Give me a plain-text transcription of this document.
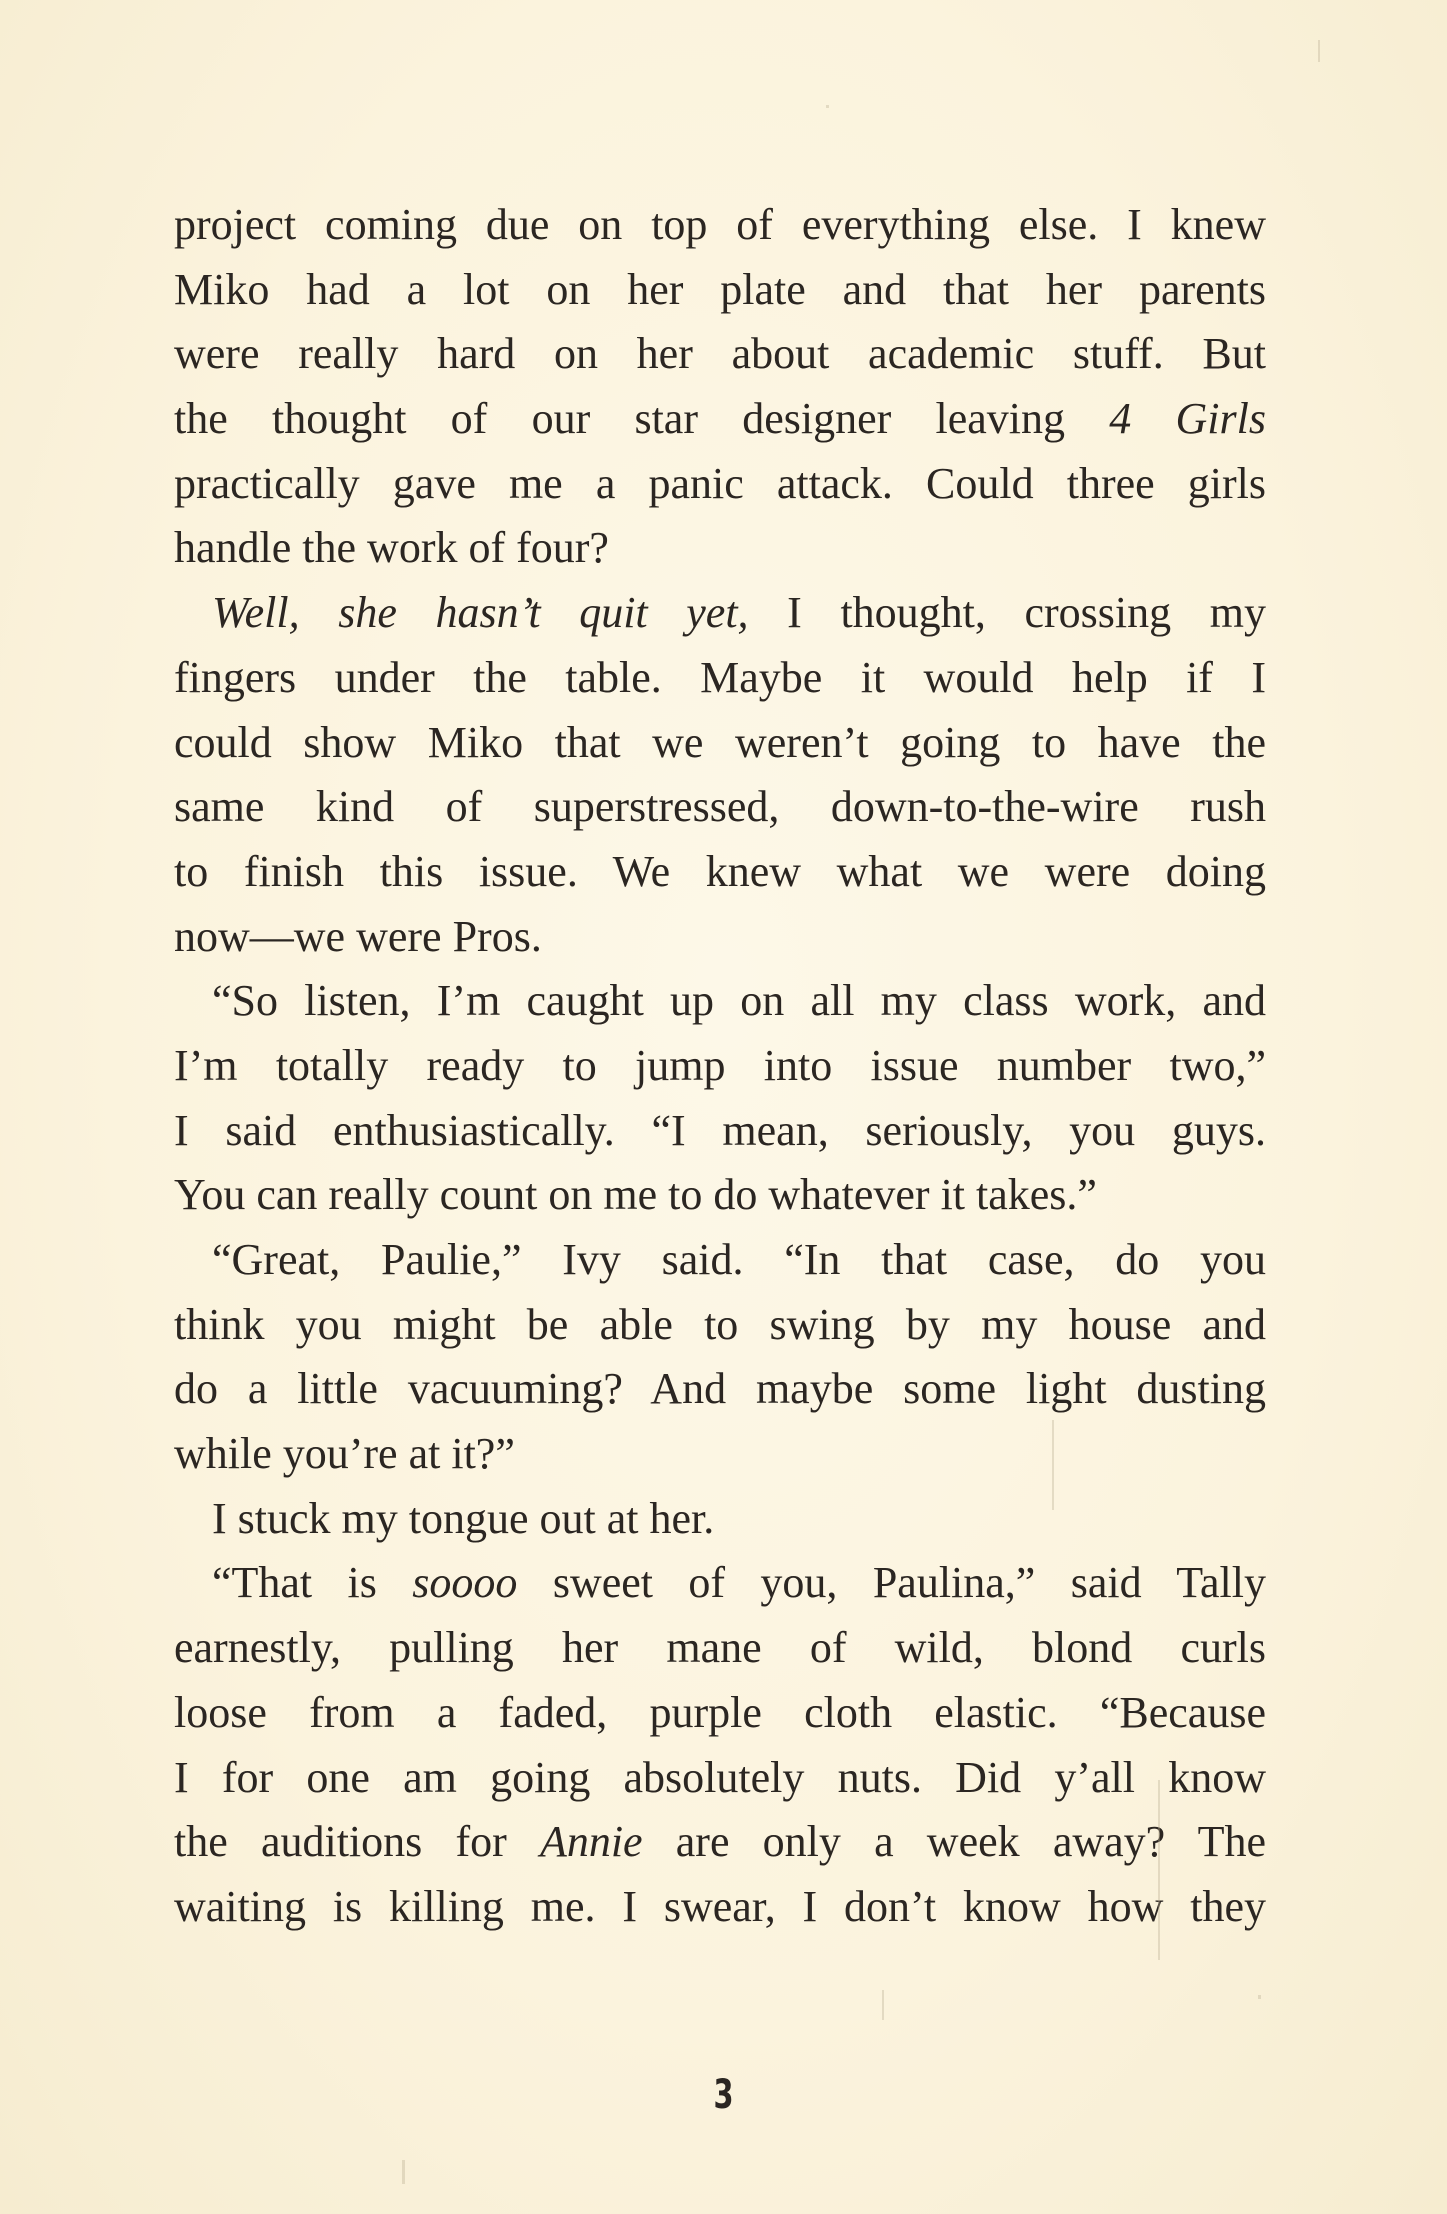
project coming due on top of everything else. I knew
Miko had a lot on her plate and that her parents
were really hard on her about academic stuff. But
the thought of our star designer leaving 4 Girls
practically gave me a panic attack. Could three girls
handle the work of four?
Well, she hasn’t quit yet, I thought, crossing my
fingers under the table. Maybe it would help if I
could show Miko that we weren’t going to have the
same kind of superstressed, down-to-the-wire rush
to finish this issue. We knew what we were doing
now—we were Pros.
“So listen, I’m caught up on all my class work, and
I’m totally ready to jump into issue number two,”
I said enthusiastically. “I mean, seriously, you guys.
You can really count on me to do whatever it takes.”
“Great, Paulie,” Ivy said. “In that case, do you
think you might be able to swing by my house and
do a little vacuuming? And maybe some light dusting
while you’re at it?”
I stuck my tongue out at her.
“That is soooo sweet of you, Paulina,” said Tally
earnestly, pulling her mane of wild, blond curls
loose from a faded, purple cloth elastic. “Because
I for one am going absolutely nuts. Did y’all know
the auditions for Annie are only a week away? The
waiting is killing me. I swear, I don’t know how they
3
